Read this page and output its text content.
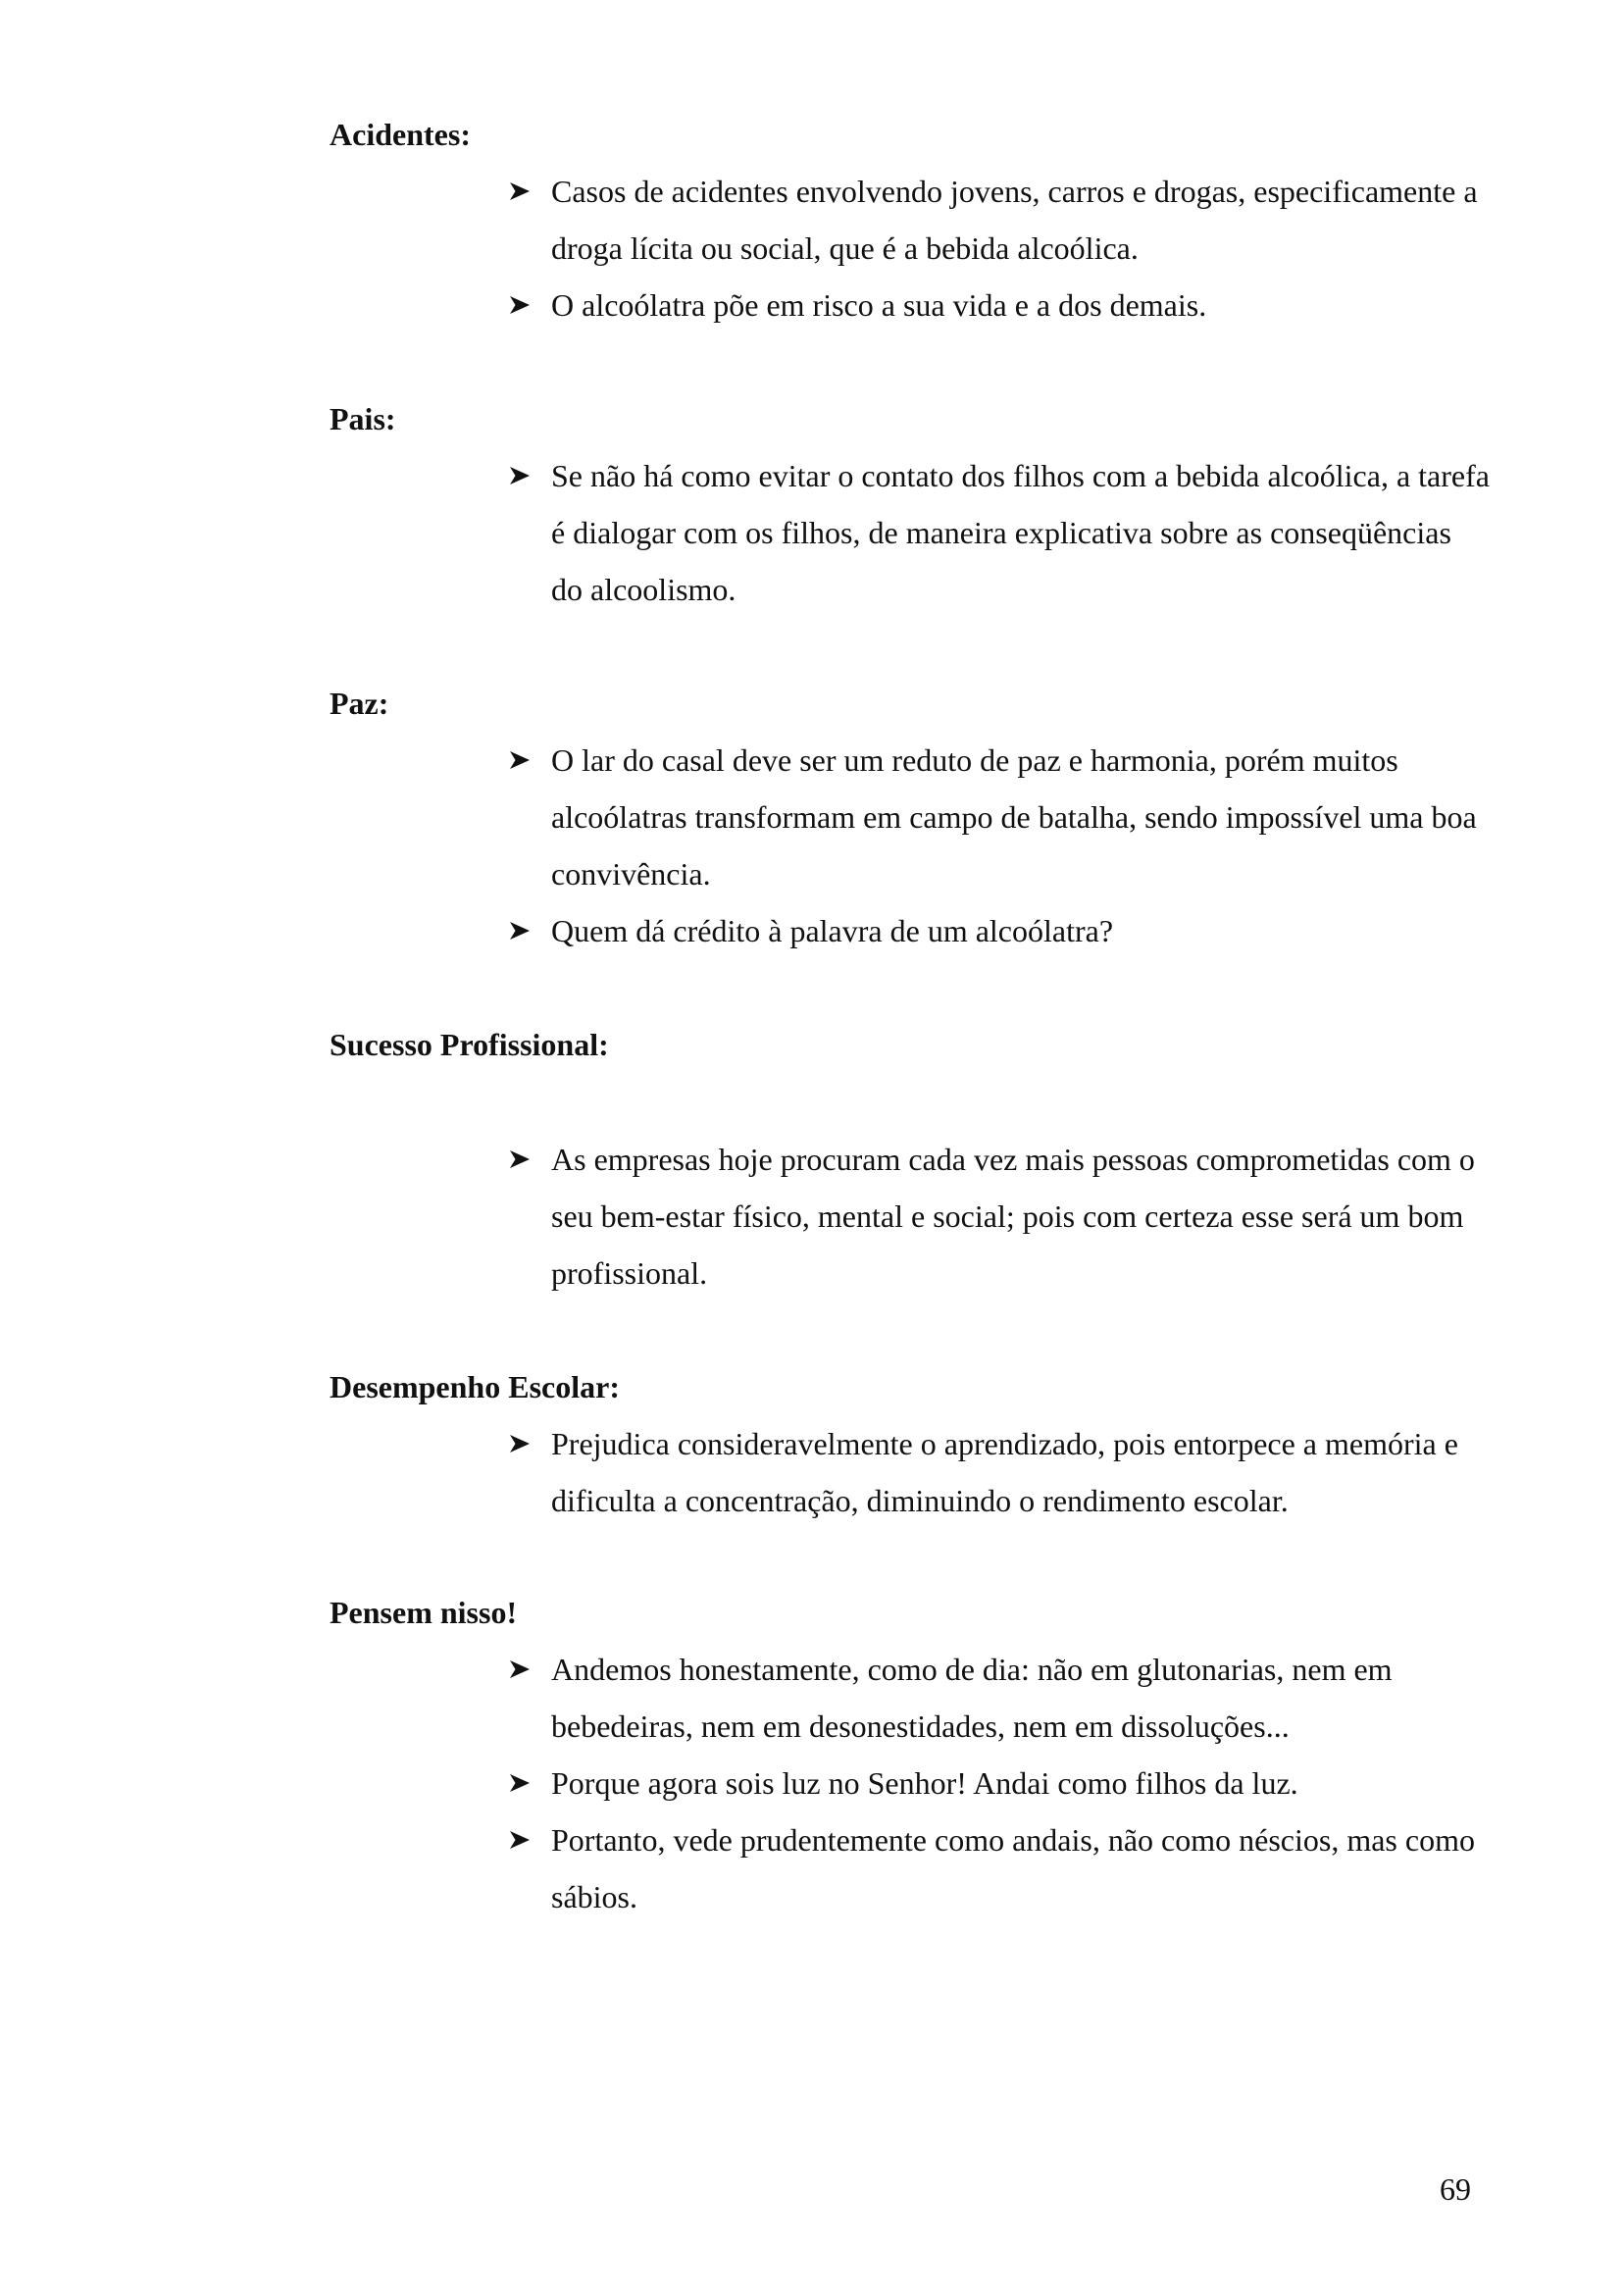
Acidentes:
Casos de acidentes envolvendo jovens, carros e drogas, especificamente a droga lícita ou social, que é a bebida alcoólica.
O alcoólatra põe em risco a sua vida e a dos demais.
Pais:
Se não há como evitar o contato dos filhos com a bebida alcoólica, a tarefa é dialogar com os filhos, de maneira explicativa sobre as conseqüências do alcoolismo.
Paz:
O lar do casal deve ser um reduto de paz e harmonia, porém muitos alcoólatras transformam em campo de batalha, sendo impossível uma boa convivência.
Quem dá crédito à palavra de um alcoólatra?
Sucesso Profissional:
As empresas hoje procuram cada vez mais pessoas comprometidas com o seu bem-estar físico, mental e social; pois com certeza esse será um bom profissional.
Desempenho Escolar:
Prejudica consideravelmente o aprendizado, pois entorpece a memória e dificulta a concentração, diminuindo o rendimento escolar.
Pensem nisso!
Andemos honestamente, como de dia: não em glutonarias, nem em bebedeiras, nem em desonestidades, nem em dissoluções...
Porque agora sois luz no Senhor! Andai como filhos da luz.
Portanto, vede prudentemente como andais, não como néscios, mas como sábios.
69
